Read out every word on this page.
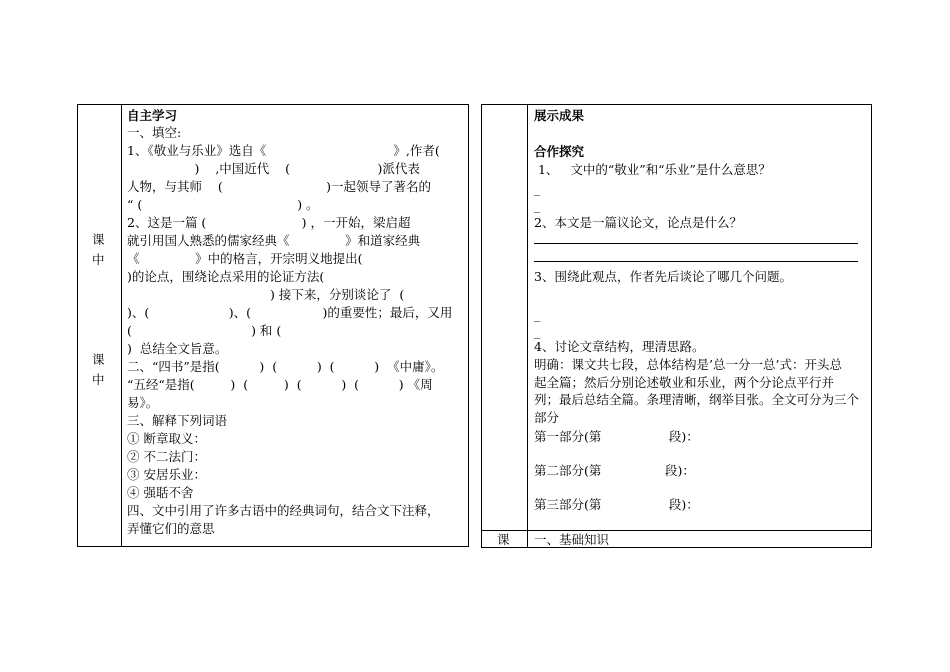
课
中
课
中
自主学习
一、填空:
1、《敬业与乐业》选自《                                》,作者(
)    ,中国近代    (                      )派代表
人物，与其师    (                          )一起领导了著名的
“ (                                       ) 。
2、这是一篇 (                        ) ，一开始，梁启超
就引用国人熟悉的儒家经典《              》和道家经典
《              》中的格言，开宗明义地提出(
)的论点，围绕论点采用的论证方法(
) 接下来，分别谈论了  (
)、(                    )、(                  )的重要性；最后，又用
(                              ) 和 (
)  总结全文旨意。
二、“四书”是指(          )  (          )  (          )  《中庸》。
“五经“是指(         )  (         )  (          )  (          ) 《周
易》。
三、解释下列词语
① 断章取义：
② 不二法门：
③ 安居乐业：
④ 强聒不舍
四、文中引用了许多古语中的经典词句，结合文下注释，
弄懂它们的意思
展示成果
合作探究
1、   文中的“敬业”和“乐业”是什么意思？
_
_
2、本文是一篇议论文，论点是什么？
3、围绕此观点，作者先后谈论了哪几个问题。
_
_
4、讨论文章结构，理清思路。
明确：课文共七段，总体结构是’总一分一总’式：开头总
起全篇；然后分别论述敬业和乐业，两个分论点平行并
列；最后总结全篇。条理清晰，纲举目张。全文可分为三个
部分
第一部分(第                 段)：
第二部分(第                段)：
第三部分(第                 段)：
课 一、基础知识
